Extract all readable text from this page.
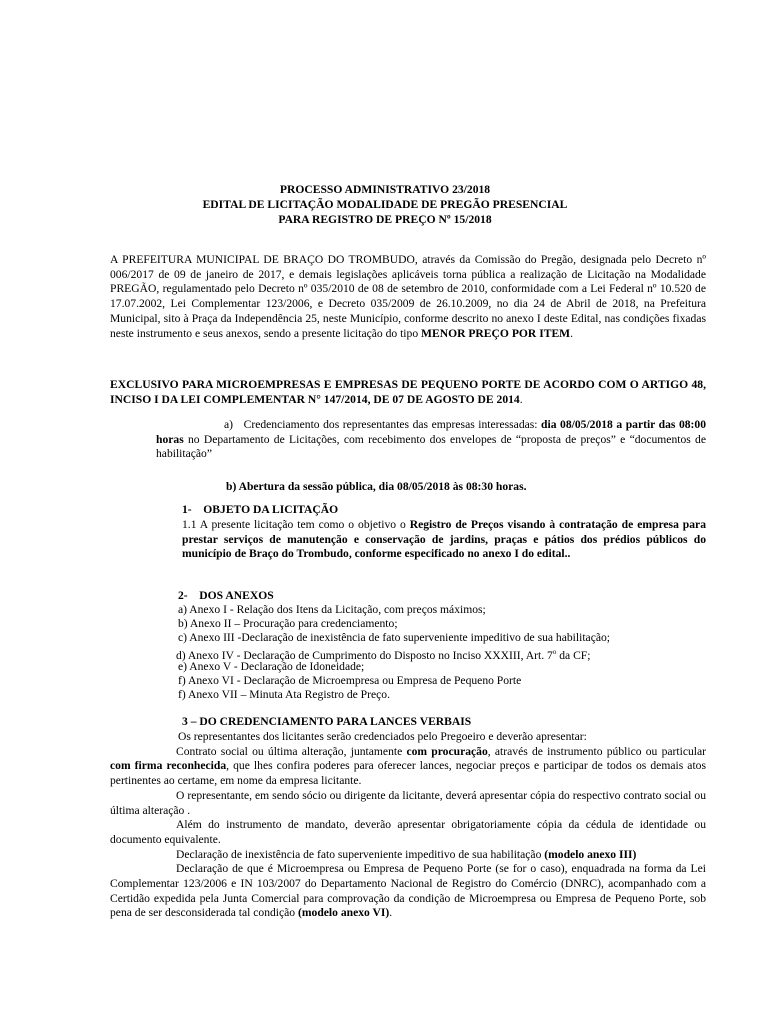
PROCESSO ADMINISTRATIVO 23/2018
EDITAL DE LICITAÇÃO MODALIDADE DE PREGÃO PRESENCIAL
PARA REGISTRO DE PREÇO Nº 15/2018
A PREFEITURA MUNICIPAL DE BRAÇO DO TROMBUDO, através da Comissão do Pregão, designada pelo Decreto nº 006/2017 de 09 de janeiro de 2017, e demais legislações aplicáveis torna pública a realização de Licitação na Modalidade PREGÃO, regulamentado pelo Decreto nº 035/2010 de 08 de setembro de 2010, conformidade com a Lei Federal nº 10.520 de 17.07.2002, Lei Complementar 123/2006, e Decreto 035/2009 de 26.10.2009, no dia 24 de Abril de 2018, na Prefeitura Municipal, sito à Praça da Independência 25, neste Município, conforme descrito no anexo I deste Edital, nas condições fixadas neste instrumento e seus anexos, sendo a presente licitação do tipo MENOR PREÇO POR ITEM.
EXCLUSIVO PARA MICROEMPRESAS E EMPRESAS DE PEQUENO PORTE DE ACORDO COM O ARTIGO 48, INCISO I DA LEI COMPLEMENTAR N° 147/2014, DE 07 DE AGOSTO DE 2014.
a) Credenciamento dos representantes das empresas interessadas: dia 08/05/2018 a partir das 08:00 horas no Departamento de Licitações, com recebimento dos envelopes de “proposta de preços” e “documentos de habilitação”
b) Abertura da sessão pública, dia 08/05/2018 às 08:30 horas.
1- OBJETO DA LICITAÇÃO
1.1 A presente licitação tem como o objetivo o Registro de Preços visando à contratação de empresa para prestar serviços de manutenção e conservação de jardins, praças e pátios dos prédios públicos do município de Braço do Trombudo, conforme especificado no anexo I do edital..
2- DOS ANEXOS
a) Anexo I - Relação dos Itens da Licitação, com preços máximos;
b) Anexo II – Procuração para credenciamento;
c) Anexo III -Declaração de inexistência de fato superveniente impeditivo de sua habilitação;
d) Anexo IV - Declaração de Cumprimento do Disposto no Inciso XXXIII, Art. 7$^o$ da CF;
e) Anexo V - Declaração de Idoneidade;
f) Anexo VI - Declaração de Microempresa ou Empresa de Pequeno Porte
f) Anexo VII – Minuta Ata Registro de Preço.
3 – DO CREDENCIAMENTO PARA LANCES VERBAIS

Os representantes dos licitantes serão credenciados pelo Pregoeiro e deverão apresentar:

Contrato social ou última alteração, juntamente com procuração, através de instrumento público ou particular com firma reconhecida, que lhes confira poderes para oferecer lances, negociar preços e participar de todos os demais atos pertinentes ao certame, em nome da empresa licitante.

O representante, em sendo sócio ou dirigente da licitante, deverá apresentar cópia do respectivo contrato social ou última alteração .

Além do instrumento de mandato, deverão apresentar obrigatoriamente cópia da cédula de identidade ou documento equivalente.

Declaração de inexistência de fato superveniente impeditivo de sua habilitação (modelo anexo III)

Declaração de que é Microempresa ou Empresa de Pequeno Porte (se for o caso), enquadrada na forma da Lei Complementar 123/2006 e IN 103/2007 do Departamento Nacional de Registro do Comércio (DNRC), acompanhado com a Certidão expedida pela Junta Comercial para comprovação da condição de Microempresa ou Empresa de Pequeno Porte, sob pena de ser desconsiderada tal condição (modelo anexo VI).
